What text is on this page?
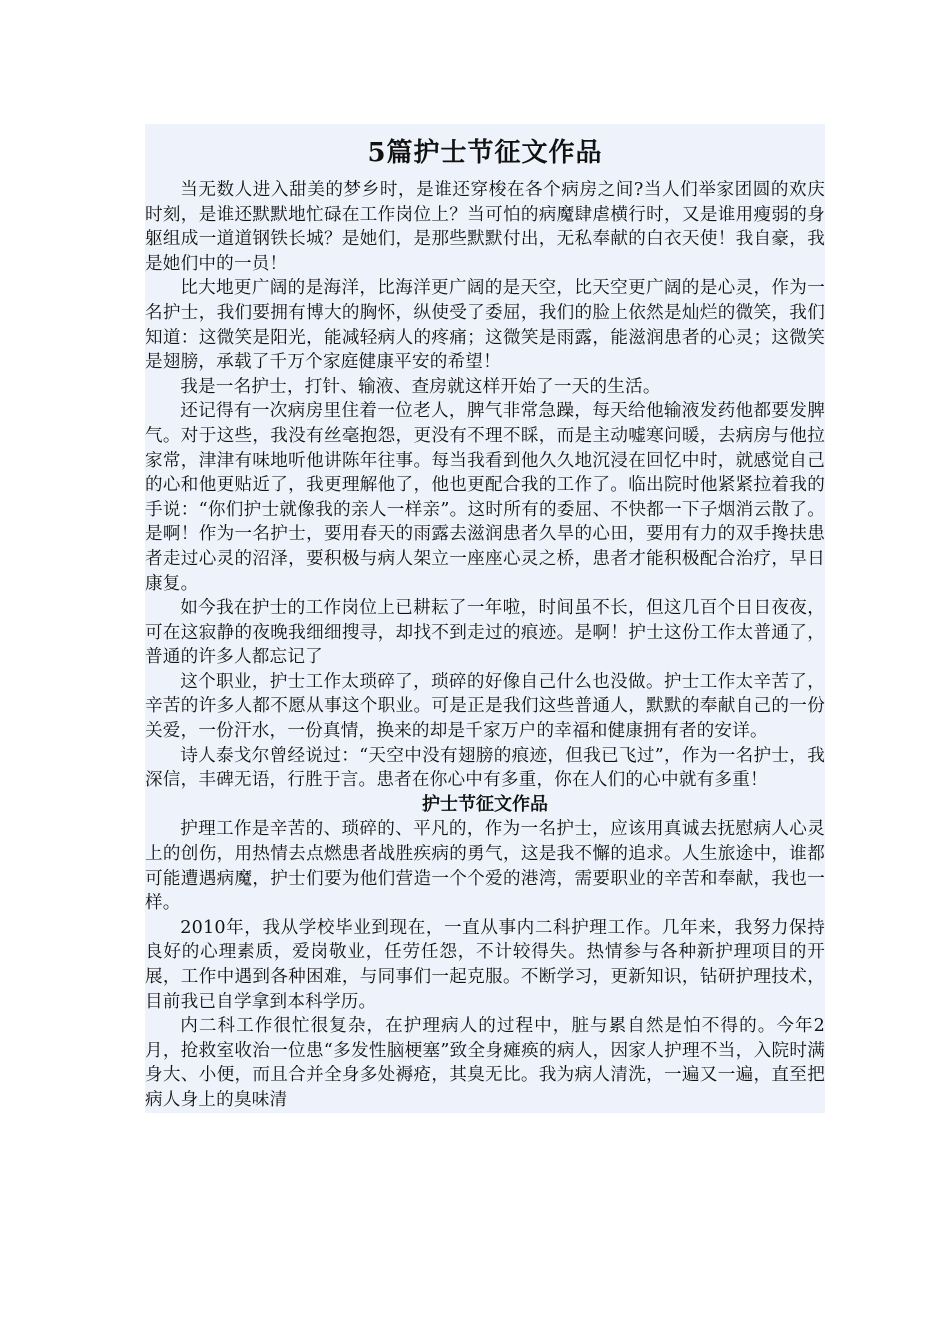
5篇护士节征文作品

当无数人进入甜美的梦乡时，是谁还穿梭在各个病房之间?当人们举家团圆的欢庆时刻，是谁还默默地忙碌在工作岗位上？当可怕的病魔肆虐横行时，又是谁用瘦弱的身躯组成一道道钢铁长城？是她们，是那些默默付出，无私奉献的白衣天使！我自豪，我是她们中的一员！

比大地更广阔的是海洋，比海洋更广阔的是天空，比天空更广阔的是心灵，作为一名护士，我们要拥有博大的胸怀，纵使受了委屈，我们的脸上依然是灿烂的微笑，我们知道：这微笑是阳光，能减轻病人的疼痛；这微笑是雨露，能滋润患者的心灵；这微笑是翅膀，承载了千万个家庭健康平安的希望！

我是一名护士，打针、输液、查房就这样开始了一天的生活。

还记得有一次病房里住着一位老人，脾气非常急躁，每天给他输液发药他都要发脾气。对于这些，我没有丝毫抱怨，更没有不理不睬，而是主动嘘寒问暖，去病房与他拉家常，津津有味地听他讲陈年往事。每当我看到他久久地沉浸在回忆中时，就感觉自己的心和他更贴近了，我更理解他了，他也更配合我的工作了。临出院时他紧紧拉着我的手说：“你们护士就像我的亲人一样亲”。这时所有的委屈、不快都一下子烟消云散了。是啊！作为一名护士，要用春天的雨露去滋润患者久旱的心田，要用有力的双手搀扶患者走过心灵的沼泽，要积极与病人架立一座座心灵之桥，患者才能积极配合治疗，早日康复。

如今我在护士的工作岗位上已耕耘了一年啦，时间虽不长，但这几百个日日夜夜，可在这寂静的夜晚我细细搜寻，却找不到走过的痕迹。是啊！护士这份工作太普通了，普通的许多人都忘记了

这个职业，护士工作太琐碎了，琐碎的好像自己什么也没做。护士工作太辛苦了，辛苦的许多人都不愿从事这个职业。可是正是我们这些普通人，默默的奉献自己的一份关爱，一份汗水，一份真情，换来的却是千家万户的幸福和健康拥有者的安详。

诗人泰戈尔曾经说过：“天空中没有翅膀的痕迹，但我已飞过”，作为一名护士，我深信，丰碑无语，行胜于言。患者在你心中有多重，你在人们的心中就有多重！

护士节征文作品

护理工作是辛苦的、琐碎的、平凡的，作为一名护士，应该用真诚去抚慰病人心灵上的创伤，用热情去点燃患者战胜疾病的勇气，这是我不懈的追求。人生旅途中，谁都可能遭遇病魔，护士们要为他们营造一个个爱的港湾，需要职业的辛苦和奉献，我也一样。

2010年，我从学校毕业到现在，一直从事内二科护理工作。几年来，我努力保持良好的心理素质，爱岗敬业，任劳任怨，不计较得失。热情参与各种新护理项目的开展，工作中遇到各种困难，与同事们一起克服。不断学习，更新知识，钻研护理技术，目前我已自学拿到本科学历。

内二科工作很忙很复杂，在护理病人的过程中，脏与累自然是怕不得的。今年2月，抢救室收治一位患“多发性脑梗塞”致全身瘫痪的病人，因家人护理不当，入院时满身大、小便，而且合并全身多处褥疮，其臭无比。我为病人清洗，一遍又一遍，直至把病人身上的臭味清
